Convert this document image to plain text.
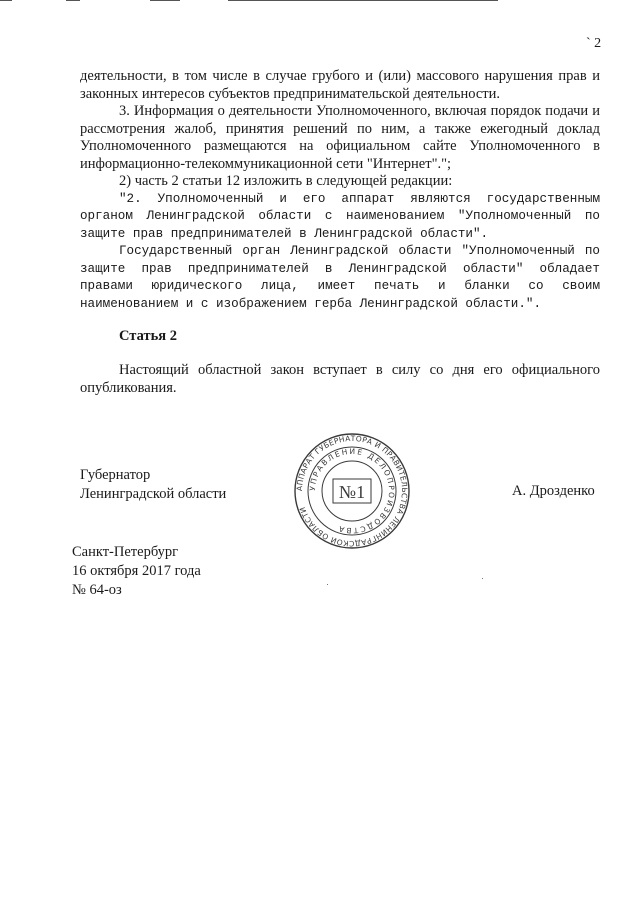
` 2

деятельности, в том числе в случае грубого и (или) массового нарушения прав и законных интересов субъектов предпринимательской деятельности.

3. Информация о деятельности Уполномоченного, включая порядок подачи и рассмотрения жалоб, принятия решений по ним, а также ежегодный доклад Уполномоченного размещаются на официальном сайте Уполномоченного в информационно-телекоммуникационной сети "Интернет".";

2) часть 2 статьи 12 изложить в следующей редакции:

"2. Уполномоченный и его аппарат являются государственным органом Ленинградской области с наименованием "Уполномоченный по защите прав предпринимателей в Ленинградской области".

Государственный орган Ленинградской области "Уполномоченный по защите прав предпринимателей в Ленинградской области" обладает правами юридического лица, имеет печать и бланки со своим наименованием и с изображением герба Ленинградской области.".

Статья 2

Настоящий областной закон вступает в силу со дня его официального опубликования.

Губернатор
Ленинградской области	АППАРАТ ГУБЕРНАТОРА И ПРАВИТЕЛЬСТВА ЛЕНИНГРАДСКОЙ ОБЛАСТИ
УПРАВЛЕНИЕ ДЕЛОПРОИЗВОДСТВА
№1	А. Дрозденко
Санкт-Петербург
16 октября 2017 года
№ 64-оз
